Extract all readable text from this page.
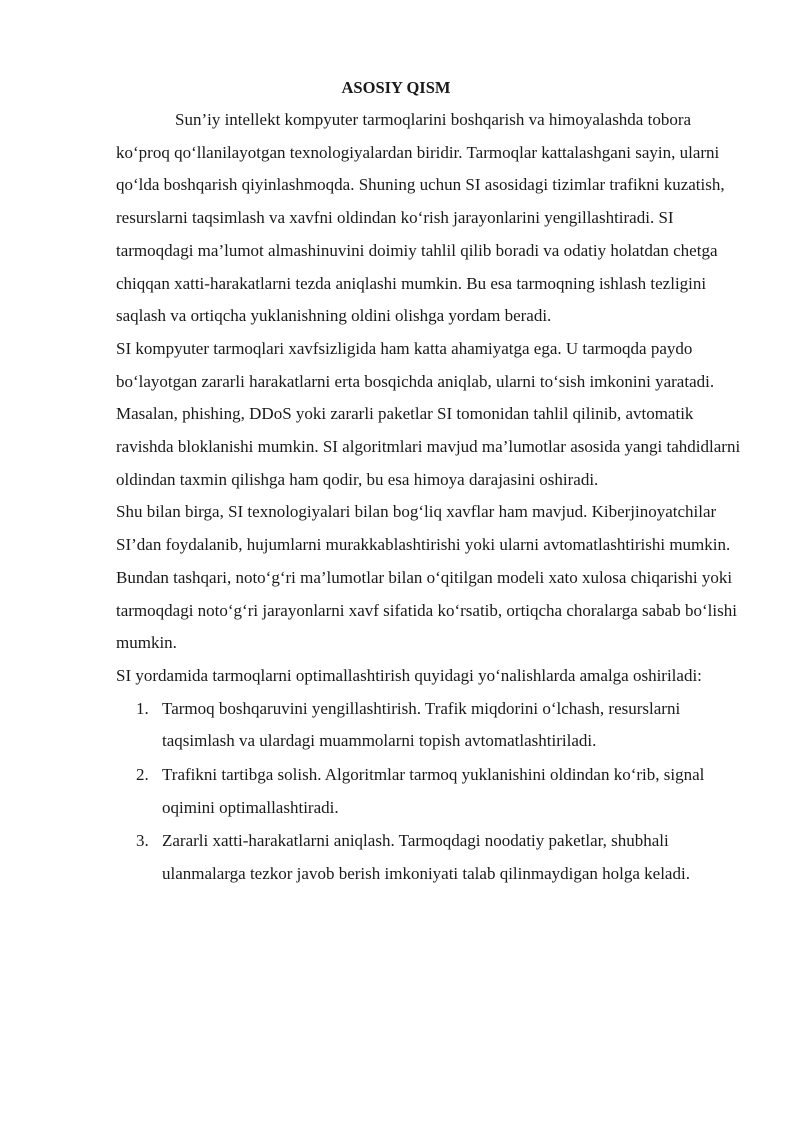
ASOSIY QISM

Sun’iy intellekt kompyuter tarmoqlarini boshqarish va himoyalashda tobora ko‘proq qo‘llanilayotgan texnologiyalardan biridir. Tarmoqlar kattalashgani sayin, ularni qo‘lda boshqarish qiyinlashmoqda. Shuning uchun SI asosidagi tizimlar trafikni kuzatish, resurslarni taqsimlash va xavfni oldindan ko‘rish jarayonlarini yengillashtiradi. SI tarmoqdagi ma’lumot almashinuvini doimiy tahlil qilib boradi va odatiy holatdan chetga chiqqan xatti-harakatlarni tezda aniqlashi mumkin. Bu esa tarmoqning ishlash tezligini saqlash va ortiqcha yuklanishning oldini olishga yordam beradi.

SI kompyuter tarmoqlari xavfsizligida ham katta ahamiyatga ega. U tarmoqda paydo bo‘layotgan zararli harakatlarni erta bosqichda aniqlab, ularni to‘sish imkonini yaratadi. Masalan, phishing, DDoS yoki zararli paketlar SI tomonidan tahlil qilinib, avtomatik ravishda bloklanishi mumkin. SI algoritmlari mavjud ma’lumotlar asosida yangi tahdidlarni oldindan taxmin qilishga ham qodir, bu esa himoya darajasini oshiradi.

Shu bilan birga, SI texnologiyalari bilan bog‘liq xavflar ham mavjud. Kiberjinoyatchilar SI’dan foydalanib, hujumlarni murakkablashtirishi yoki ularni avtomatlashtirishi mumkin. Bundan tashqari, noto‘g‘ri ma’lumotlar bilan o‘qitilgan modeli xato xulosa chiqarishi yoki tarmoqdagi noto‘g‘ri jarayonlarni xavf sifatida ko‘rsatib, ortiqcha choralarga sabab bo‘lishi mumkin.

SI yordamida tarmoqlarni optimallashtirish quyidagi yo‘nalishlarda amalga oshiriladi:

1. Tarmoq boshqaruvini yengillashtirish. Trafik miqdorini o‘lchash, resurslarni taqsimlash va ulardagi muammolarni topish avtomatlashtiriladi.
2. Trafikni tartibga solish. Algoritmlar tarmoq yuklanishini oldindan ko‘rib, signal oqimini optimallashtiradi.
3. Zararli xatti-harakatlarni aniqlash. Tarmoqdagi noodatiy paketlar, shubhali ulanmalarga tezkor javob berish imkoniyati talab qilinmaydigan holga keladi.
